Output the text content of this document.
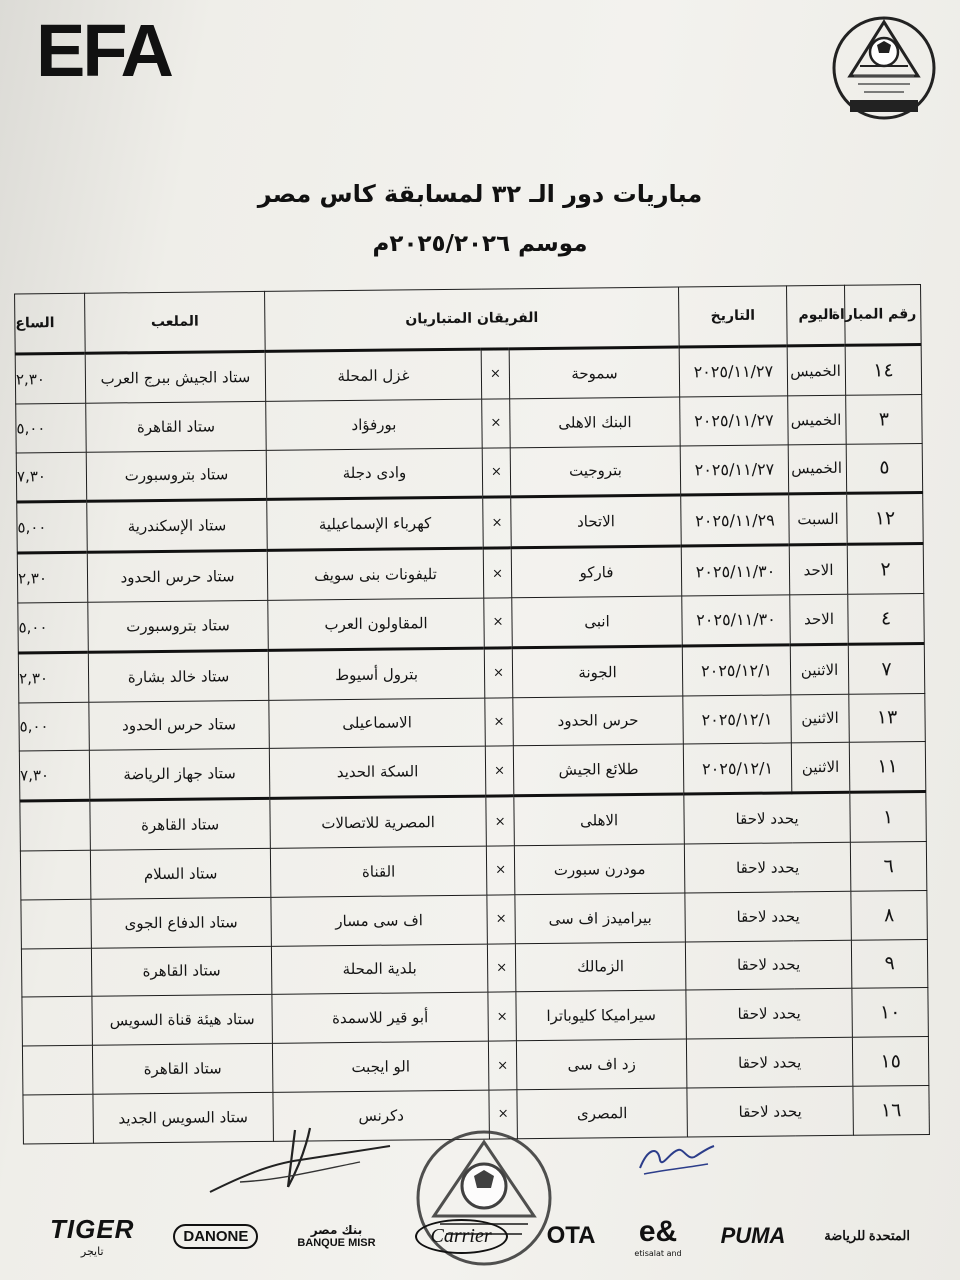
EFA
مباريات دور الـ ٣٢ لمسابقة كاس مصر
موسم ٢٠٢٥/٢٠٢٦م
رقم المباراة	اليوم	التاريخ	الفريقان المتباريان			الملعب	الساع
١٤	الخميس	٢٠٢٥/١١/٢٧	سموحة	×	غزل المحلة	ستاد الجيش ببرج العرب	٢,٣٠
٣	الخميس	٢٠٢٥/١١/٢٧	البنك الاهلى	×	بورفؤاد	ستاد القاهرة	٥,٠٠
٥	الخميس	٢٠٢٥/١١/٢٧	بتروجيت	×	وادى دجلة	ستاد بتروسبورت	٧,٣٠
١٢	السبت	٢٠٢٥/١١/٢٩	الاتحاد	×	كهرباء الإسماعيلية	ستاد الإسكندرية	٥,٠٠
٢	الاحد	٢٠٢٥/١١/٣٠	فاركو	×	تليفونات بنى سويف	ستاد حرس الحدود	٢,٣٠
٤	الاحد	٢٠٢٥/١١/٣٠	انبى	×	المقاولون العرب	ستاد بتروسبورت	٥,٠٠
٧	الاثنين	٢٠٢٥/١٢/١	الجونة	×	بترول أسيوط	ستاد خالد بشارة	٢,٣٠
١٣	الاثنين	٢٠٢٥/١٢/١	حرس الحدود	×	الاسماعيلى	ستاد حرس الحدود	٥,٠٠
١١	الاثنين	٢٠٢٥/١٢/١	طلائع الجيش	×	السكة الحديد	ستاد جهاز الرياضة	٧,٣٠
١	يحدد لاحقا		الاهلى	×	المصرية للاتصالات	ستاد القاهرة	
٦	يحدد لاحقا		مودرن سبورت	×	القناة	ستاد السلام	
٨	يحدد لاحقا		بيراميدز اف سى	×	اف سى مسار	ستاد الدفاع الجوى	
٩	يحدد لاحقا		الزمالك	×	بلدية المحلة	ستاد القاهرة	
١٠	يحدد لاحقا		سيراميكا كليوباترا	×	أبو قير للاسمدة	ستاد هيئة قناة السويس	
١٥	يحدد لاحقا		زد اف سى	×	الو ايجبت	ستاد القاهرة	
١٦	يحدد لاحقا		المصرى	×	دكرنس	ستاد السويس الجديد	
TIGER
تايجر
DANONE	بنك مصر
BANQUE MISR	Carrier	OTA e&
etisalat and
PUMA	المتحدة للرياضة
